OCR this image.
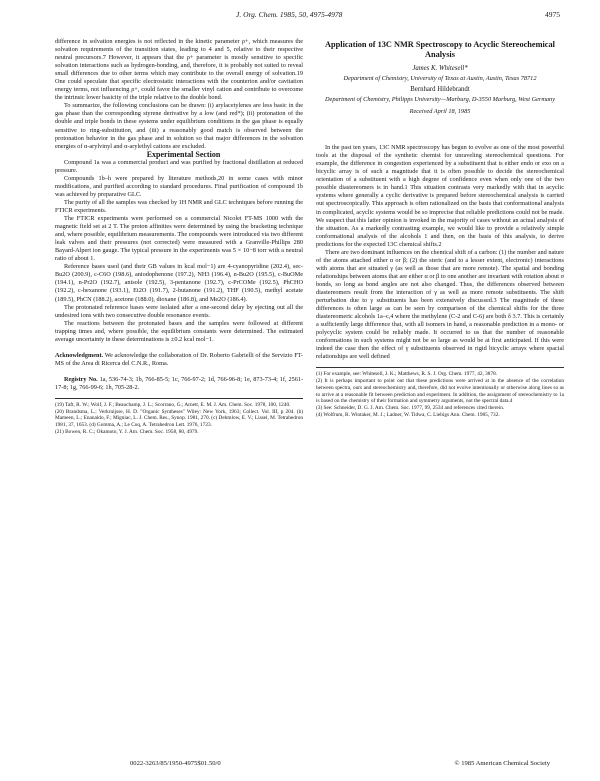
J. Org. Chem. 1985, 50, 4975-4978	4975

difference in solvation energies is not reflected in the kinetic parameter ρ+, which measures the solvation requirements of the transition states, leading to 4 and 5, relative to their respective neutral precursors.7 However, it appears that the ρ+ parameter is mostly sensitive to specific solvation interactions such as hydrogen-bonding, and, therefore, it is probably not suited to reveal small differences due to other terms which may contribute to the overall energy of solvation.19 One could speculate that specific electrostatic interactions with the counterion and/or cavitation energy terms, not influencing ρ+, could favor the smaller vinyl cation and contribute to overcome the intrinsic lower basicity of the triple relative to the double bond.

To summarize, the following conclusions can be drawn: (i) arylacetylenes are less basic in the gas phase than the corresponding styrene derivative by a low (and red*); (ii) protonation of the double and triple bonds in these systems under equilibrium conditions in the gas phase is equally sensitive to ring-substitution, and (iii) a reasonably good match is observed between the protonation behavior in the gas phase and in solution so that major differences in the solvation energies of α-arylvinyl and α-arylethyl cations are excluded.

Experimental Section

Compound 1a was a commercial product and was purified by fractional distillation at reduced pressure.

Compounds 1b–h were prepared by literature methods,20 in some cases with minor modifications, and purified according to standard procedures. Final purification of compound 1b was achieved by preparative GLC.

The purity of all the samples was checked by 1H NMR and GLC techniques before running the FTICR experiments.

The FTICR experiments were performed on a commercial Nicolet FT-MS 1000 with the magnetic field set at 2 T. The proton affinities were determined by using the bracketing technique and, where possible, equilibrium measurements. The compounds were introduced via two different leak valves and their pressures (not corrected) were measured with a Granville-Phillips 280 Bayard-Alpert ion gauge. The typical pressure in the experiments was 5 × 10−8 torr with a neutral ratio of about 1.

Reference bases used (and their GB values in kcal mol−1) are 4-cyanopyridine (202.4), sec-Bu2O (200.9), c-C6O (198.6), aniodophenone (197.2), NH3 (196.4), n-Bu2O (195.5), c-BuOMe (194.1), n-Pr2O (192.7), anisole (192.5), 3-pentanone (192.7), c-PrCOMe (192.5), PhCHO (192.2), c-hexanone (193.1), Et2O (191.7), 2-butanone (191.2), THF (190.5), methyl acetate (189.5), PhCN (188.2), acetone (188.0), dioxane (186.8), and Me2O (186.4).

The protonated reference bases were isolated after a one-second delay by ejecting out all the undesired ions with two consecutive double resonance events.

The reactions between the protonated bases and the samples were followed at different trapping times and, where possible, the equilibrium constants were determined. The estimated average uncertainty in these determinations is ±0.2 kcal mol−1.

Acknowledgment. We acknowledge the collaboration of Dr. Roberto Gabrielli of the Servizio FT-MS of the Area di Ricerca del C.N.R., Roma.

Registry No. 1a, 536-74-3; 1b, 766-85-5; 1c, 766-97-2; 1d, 766-96-8; 1e, 873-73-4; 1f, 2561-17-8; 1g, 766-99-6; 1h, 705-28-2.

(19) Taft, R. W.; Wolf, J. F.; Beauchamp, J. L.; Scorrano, G.; Arnett, E. M. J. Am. Chem. Soc. 1978, 100, 1240.

(20) Brandsma, L.; Verkruijsse, H. D. "Organic Syntheses" Wiley: New York, 1963; Collect. Vol. III, p 204. (b) Mameen, L.; Enanaldo, F.; Migniac, L. J. Chem. Res., Synop. 1981, 270. (c) Dehmlow, E. V.; Lissel, M. Tetrahedron 1981, 37, 1653. (d) Gomma, A.; Le Coq, A. Tetrahedron Lett. 1976, 1723.

(21) Bowen, R. C.; Okamoto, Y. J. Am. Chem. Soc. 1958, 80, 4979.

Application of 13C NMR Spectroscopy to Acyclic Stereochemical Analysis
James K. Whitesell*
Department of Chemistry, University of Texas at Austin, Austin, Texas 78712
Bernhard Hildebrandt
Department of Chemistry, Philipps University—Marburg, D-3550 Marburg, West Germany
Received April 18, 1985

In the past ten years, 13C NMR spectroscopy has begun to evolve as one of the most powerful tools at the disposal of the synthetic chemist for unraveling stereochemical questions. For example, the difference in congestion experienced by a substituent that is either endo or exo on a bicyclic array is of such a magnitude that it is often possible to decide the stereochemical orientation of a substituent with a high degree of confidence even when only one of the two possible diastereomers is in hand.1 This situation contrasts very markedly with that in acyclic systems where generally a cyclic derivative is prepared before stereochemical analysis is carried out spectroscopically. This approach is often rationalized on the basis that conformational analysis in complicated, acyclic systems would be so imprecise that reliable predictions could not be made. We suspect that this latter opinion is invoked in the majority of cases without an actual analysis of the situation. As a markedly contrasting example, we would like to provide a relatively simple conformational analysis of the alcohols 1 and then, on the basis of this analysis, to derive predictions for the expected 13C chemical shifts.2

There are two dominant influences on the chemical shift of a carbon: (1) the number and nature of the atoms attached either α or β; (2) the steric (and to a lesser extent, electronic) interactions with atoms that are situated γ (as well as those that are more remote). The spatial and bonding relationships between atoms that are either α or β to one another are invariant with rotation about σ bonds, so long as bond angles are not also changed. Thus, the differences observed between diastereomers result from the interaction of γ as well as more remote substituents. The shift perturbation due to γ substituents has been extensively discussed.3 The magnitude of these differences is often large as can be seen by comparison of the chemical shifts for the three diastereomeric alcohols 1a–c,4 where the methylene (C-2 and C-6) are both δ 3.7. This is certainly a sufficiently large difference that, with all isomers in hand, a reasonable prediction in a mono- or polycyclic system could be reliably made. It occurred to us that the number of reasonable conformations in such systems might not be so large as would be at first anticipated. If this were indeed the case then the effect of γ substituents observed in rigid bicyclic arrays where spacial relationships are well defined

(1) For example, see: Whitesell, J. K.; Matthews, R. S. J. Org. Chem. 1977, 42, 3878.

(2) It is perhaps important to point out that these predictions were arrived at in the absence of the correlation between spectra, ours and stereochemistry and, therefore, did not evolve intentionally or otherwise along lines so as to arrive at a reasonable fit between prediction and experiment. In addition, the assignment of stereochemistry to 1a is based on the chemistry of their formation and symmetry arguments, not the spectral data.4

(3) See: Schneider, D. G. J. Am. Chem. Soc. 1977, 99, 2534 and references cited therein.

(4) Wolfrum, R. Wintaker, M. J.; Ladner, W. Tidwa, C. Liebigs Ann. Chem. 1985, 732.

0022-3263/85/1950-4975$01.50/0	© 1985 American Chemical Society
